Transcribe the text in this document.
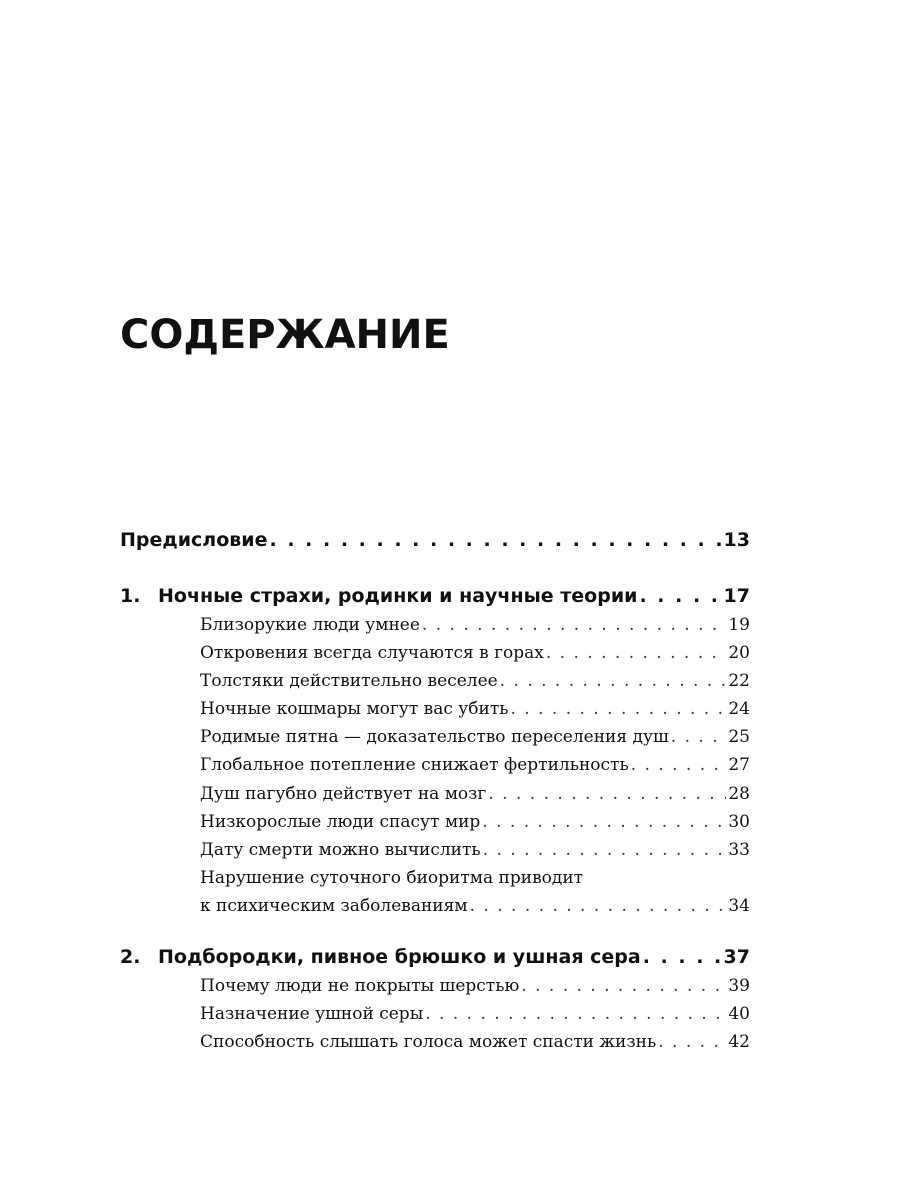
СОДЕРЖАНИЕ
Предисловие . . .	13
1. Ночные страхи, родинки и научные теории . . .	17
Близорукие люди умнее . . .	19
Откровения всегда случаются в горах . . .	20
Толстяки действительно веселее . . .	22
Ночные кошмары могут вас убить . . .	24
Родимые пятна — доказательство переселения душ . . .	25
Глобальное потепление снижает фертильность . . .	27
Душ пагубно действует на мозг . . .	28
Низкорослые люди спасут мир . . .	30
Дату смерти можно вычислить . . .	33
Нарушение суточного биоритма приводит
к психическим заболеваниям . . .	34
2. Подбородки, пивное брюшко и ушная сера . . .	37
Почему люди не покрыты шерстью . . .	39
Назначение ушной серы . . .	40
Способность слышать голоса может спасти жизнь . . .	42
